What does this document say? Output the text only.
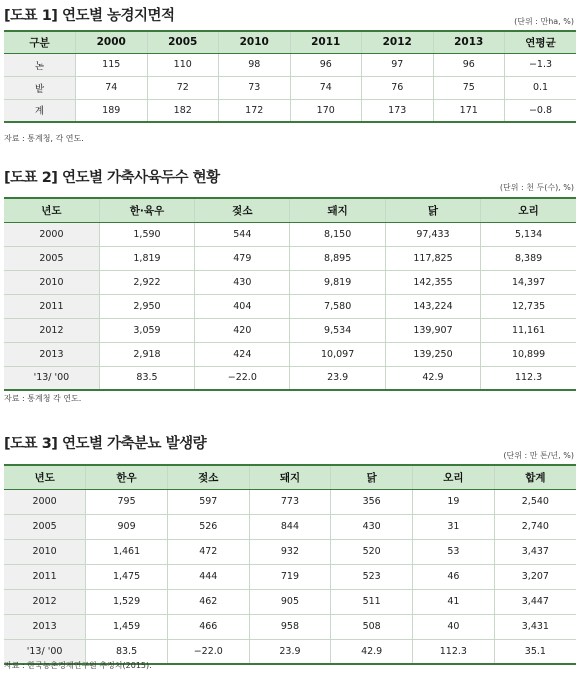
[도표 1] 연도별 농경지면적	(단위 : 만ha, %)
구분	2000	2005	2010	2011	2012	2013	연평균
논	115	110	98	96	97	96	−1.3
밭	74	72	73	74	76	75	0.1
계	189	182	172	170	173	171	−0.8
자료 : 통계청, 각 연도.
[도표 2] 연도별 가축사육두수 현황
(단위 : 천 두(수), %)
년도	한·육우	젖소	돼지	닭	오리
2000	1,590	544	8,150	97,433	5,134
2005	1,819	479	8,895	117,825	8,389
2010	2,922	430	9,819	142,355	14,397
2011	2,950	404	7,580	143,224	12,735
2012	3,059	420	9,534	139,907	11,161
2013	2,918	424	10,097	139,250	10,899
'13/ '00	83.5	−22.0	23.9	42.9	112.3
자료 : 통계청 각 연도.
[도표 3] 연도별 가축분뇨 발생량
(단위 : 만 톤/년, %)
년도	한우	젖소	돼지	닭	오리	합계
2000	795	597	773	356	19	2,540
2005	909	526	844	430	31	2,740
2010	1,461	472	932	520	53	3,437
2011	1,475	444	719	523	46	3,207
2012	1,529	462	905	511	41	3,447
2013	1,459	466	958	508	40	3,431
'13/ '00	83.5	−22.0	23.9	42.9	112.3	35.1
자료 : 한국농촌경제연구원 추정치(2015).
